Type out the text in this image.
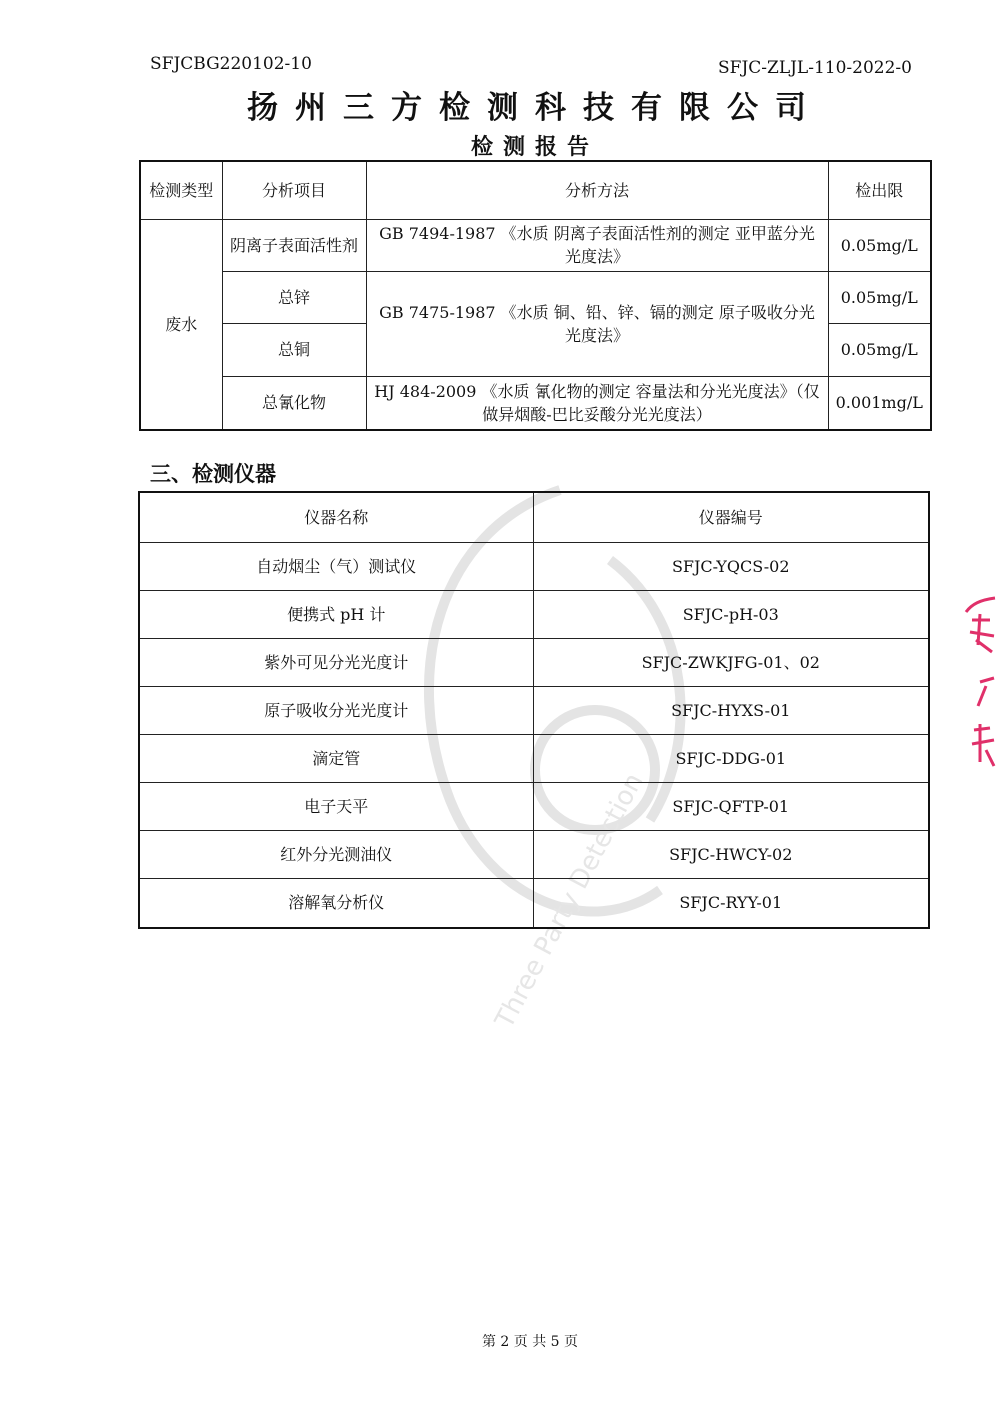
SFJCBG220102-10	SFJC-ZLJL-110-2022-0
扬州三方检测科技有限公司
检测报告
Three Party Detection
检测类型	分析项目	分析方法	检出限
废水	阴离子表面活性剂	GB 7494-1987 《水质 阴离子表面活性剂的测定 亚甲蓝分光光度法》	0.05mg/L
	总锌	GB 7475-1987 《水质 铜、铅、锌、镉的测定 原子吸收分光光度法》	0.05mg/L
	总铜		0.05mg/L
	总氰化物	HJ 484-2009 《水质 氰化物的测定 容量法和分光光度法》（仅做异烟酸-巴比妥酸分光光度法）	0.001mg/L
三、检测仪器
仪器名称	仪器编号
自动烟尘（气）测试仪	SFJC-YQCS-02
便携式 pH 计	SFJC-pH-03
紫外可见分光光度计	SFJC-ZWKJFG-01、02
原子吸收分光光度计	SFJC-HYXS-01
滴定管	SFJC-DDG-01
电子天平	SFJC-QFTP-01
红外分光测油仪	SFJC-HWCY-02
溶解氧分析仪	SFJC-RYY-01
第 2 页 共 5 页
